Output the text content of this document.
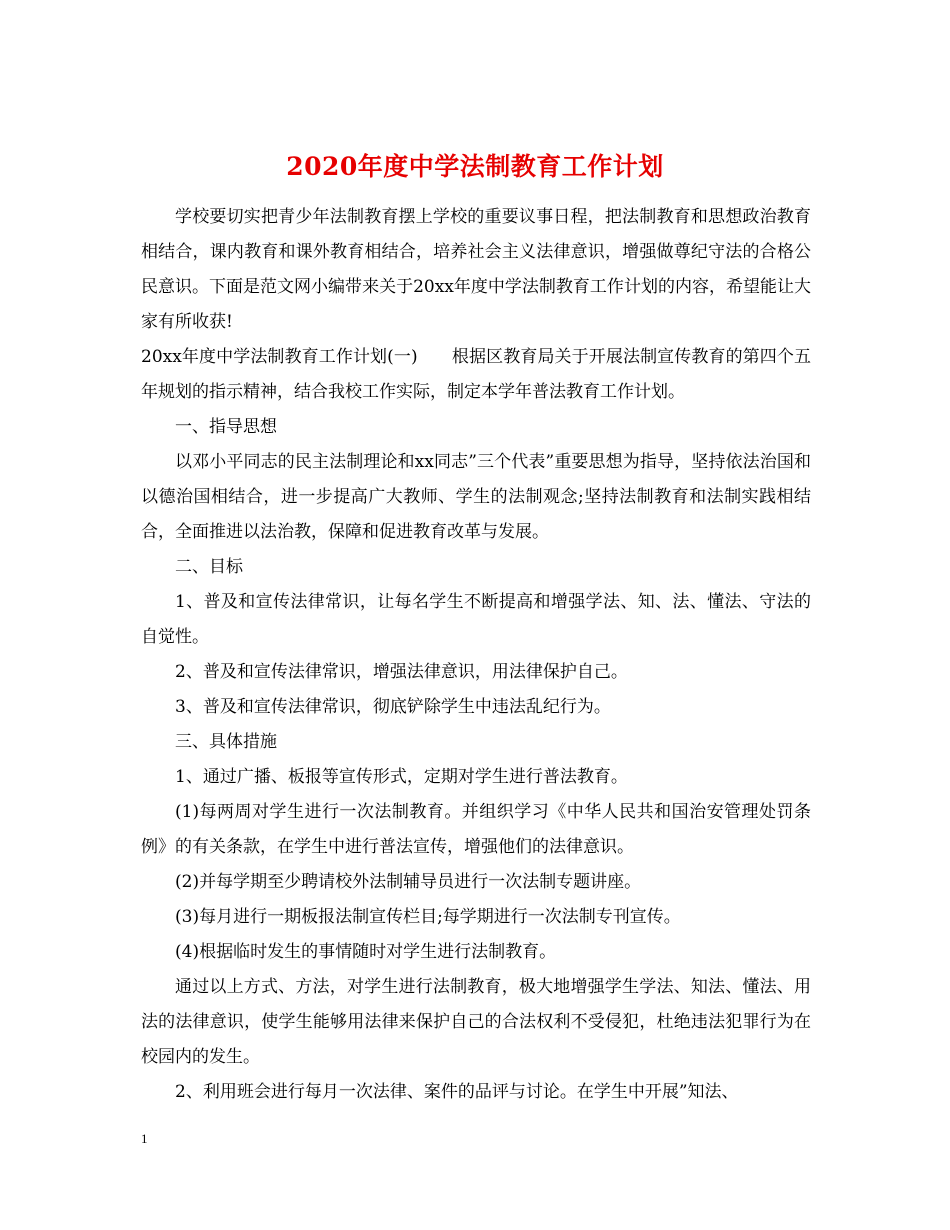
2020年度中学法制教育工作计划

学校要切实把青少年法制教育摆上学校的重要议事日程，把法制教育和思想政治教育相结合，课内教育和课外教育相结合，培养社会主义法律意识，增强做尊纪守法的合格公民意识。下面是范文网小编带来关于20xx年度中学法制教育工作计划的内容，希望能让大家有所收获!

20xx年度中学法制教育工作计划(一)　　根据区教育局关于开展法制宣传教育的第四个五年规划的指示精神，结合我校工作实际，制定本学年普法教育工作计划。

一、指导思想

以邓小平同志的民主法制理论和xx同志”三个代表”重要思想为指导，坚持依法治国和以德治国相结合，进一步提高广大教师、学生的法制观念;坚持法制教育和法制实践相结合，全面推进以法治教，保障和促进教育改革与发展。

二、目标

1、普及和宣传法律常识，让每名学生不断提高和增强学法、知、法、懂法、守法的自觉性。

2、普及和宣传法律常识，增强法律意识，用法律保护自己。

3、普及和宣传法律常识，彻底铲除学生中违法乱纪行为。

三、具体措施

1、通过广播、板报等宣传形式，定期对学生进行普法教育。

(1)每两周对学生进行一次法制教育。并组织学习《中华人民共和国治安管理处罚条例》的有关条款，在学生中进行普法宣传，增强他们的法律意识。

(2)并每学期至少聘请校外法制辅导员进行一次法制专题讲座。

(3)每月进行一期板报法制宣传栏目;每学期进行一次法制专刊宣传。

(4)根据临时发生的事情随时对学生进行法制教育。

通过以上方式、方法，对学生进行法制教育，极大地增强学生学法、知法、懂法、用法的法律意识，使学生能够用法律来保护自己的合法权利不受侵犯，杜绝违法犯罪行为在校园内的发生。

2、利用班会进行每月一次法律、案件的品评与讨论。在学生中开展”知法、

1
